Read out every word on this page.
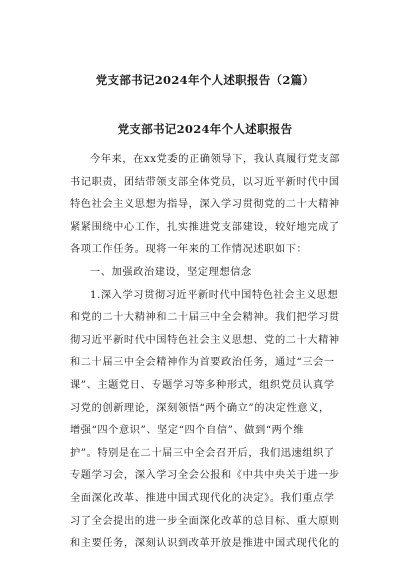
党支部书记2024年个人述职报告（2篇）
党支部书记2024年个人述职报告
今年来，在xx党委的正确领导下，我认真履行党支部
书记职责，团结带领支部全体党员，以习近平新时代中国
特色社会主义思想为指导，深入学习贯彻党的二十大精神
紧紧围绕中心工作，扎实推进党支部建设，较好地完成了
各项工作任务。现将一年来的工作情况述职如下：
一、加强政治建设，坚定理想信念
1.深入学习贯彻习近平新时代中国特色社会主义思想
和党的二十大精神和二十届三中全会精神。我们把学习贯
彻习近平新时代中国特色社会主义思想、党的二十大精神
和二十届三中全会精神作为首要政治任务，通过“三会一
课”、主题党日、专题学习等多种形式，组织党员认真学
习党的创新理论，深刻领悟“两个确立”的决定性意义，
增强“四个意识”、坚定“四个自信”、做到“两个维
护”。特别是在二十届三中全会召开后，我们迅速组织了
专题学习会，深入学习全会公报和《中共中央关于进一步
全面深化改革、推进中国式现代化的决定》。我们重点学
习了全会提出的进一步全面深化改革的总目标、重大原则
和主要任务，深刻认识到改革开放是推进中国式现代化的
